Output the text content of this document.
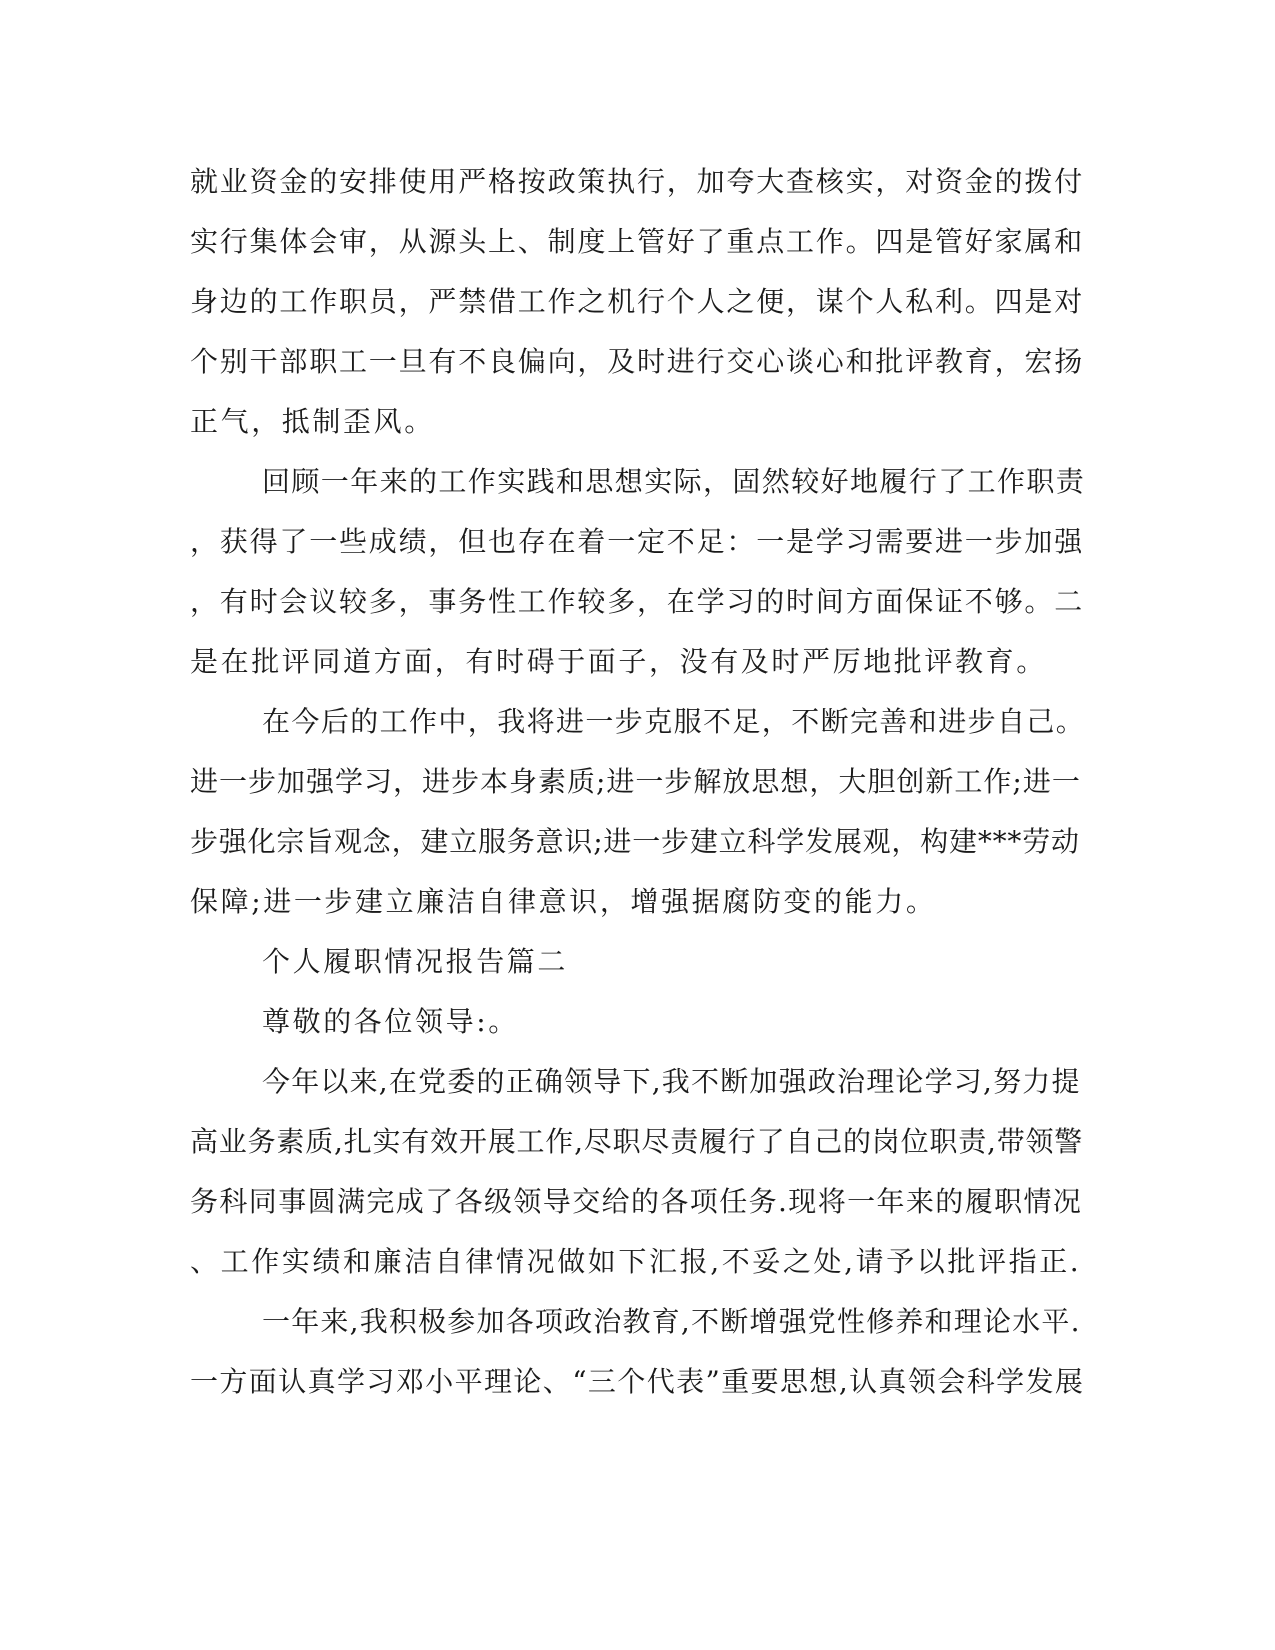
就业资金的安排使用严格按政策执行，加夸大查核实，对资金的拨付
实行集体会审，从源头上、制度上管好了重点工作。四是管好家属和
身边的工作职员，严禁借工作之机行个人之便，谋个人私利。四是对
个别干部职工一旦有不良偏向，及时进行交心谈心和批评教育，宏扬
正气，抵制歪风。
回顾一年来的工作实践和思想实际，固然较好地履行了工作职责
，获得了一些成绩，但也存在着一定不足：一是学习需要进一步加强
，有时会议较多，事务性工作较多，在学习的时间方面保证不够。二
是在批评同道方面，有时碍于面子，没有及时严厉地批评教育。
在今后的工作中，我将进一步克服不足，不断完善和进步自己。
进一步加强学习，进步本身素质;进一步解放思想，大胆创新工作;进一
步强化宗旨观念，建立服务意识;进一步建立科学发展观，构建***劳动
保障;进一步建立廉洁自律意识，增强据腐防变的能力。
个人履职情况报告篇二
尊敬的各位领导:。
今年以来,在党委的正确领导下,我不断加强政治理论学习,努力提
高业务素质,扎实有效开展工作,尽职尽责履行了自己的岗位职责,带领警
务科同事圆满完成了各级领导交给的各项任务.现将一年来的履职情况
、工作实绩和廉洁自律情况做如下汇报,不妥之处,请予以批评指正.
一年来,我积极参加各项政治教育,不断增强党性修养和理论水平.
一方面认真学习邓小平理论、“三个代表”重要思想,认真领会科学发展
